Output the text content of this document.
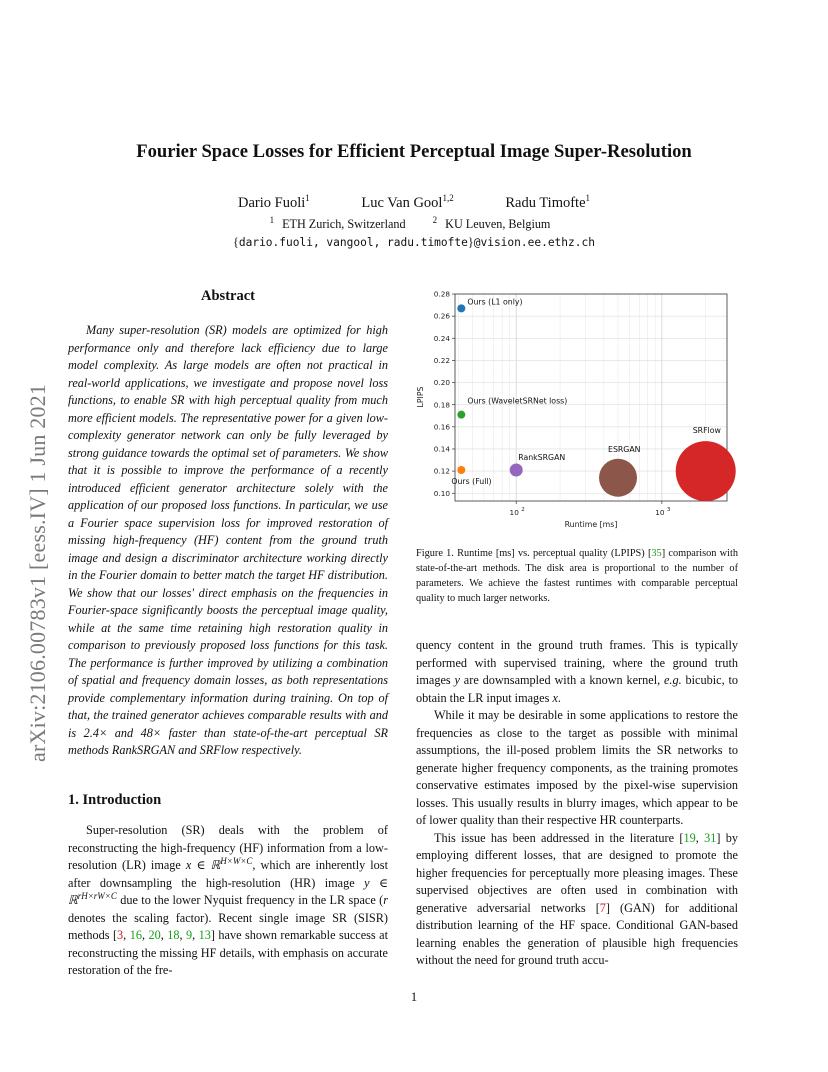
arXiv:2106.00783v1 [eess.IV] 1 Jun 2021
Fourier Space Losses for Efficient Perceptual Image Super-Resolution
Dario Fuoli$^1$	Luc Van Gool$^{1,2}$	Radu Timofte$^1$
$^1$ ETH Zurich, Switzerland	$^2$ KU Leuven, Belgium
{dario.fuoli, vangool, radu.timofte}@vision.ee.ethz.ch
Abstract

Many super-resolution (SR) models are optimized for high performance only and therefore lack efficiency due to large model complexity. As large models are often not practical in real-world applications, we investigate and propose novel loss functions, to enable SR with high perceptual quality from much more efficient models. The representative power for a given low-complexity generator network can only be fully leveraged by strong guidance towards the optimal set of parameters. We show that it is possible to improve the performance of a recently introduced efficient generator architecture solely with the application of our proposed loss functions. In particular, we use a Fourier space supervision loss for improved restoration of missing high-frequency (HF) content from the ground truth image and design a discriminator architecture working directly in the Fourier domain to better match the target HF distribution. We show that our losses' direct emphasis on the frequencies in Fourier-space significantly boosts the perceptual image quality, while at the same time retaining high restoration quality in comparison to previously proposed loss functions for this task. The performance is further improved by utilizing a combination of spatial and frequency domain losses, as both representations provide complementary information during training. On top of that, the trained generator achieves comparable results with and is 2.4× and 48× faster than state-of-the-art perceptual SR methods RankSRGAN and SRFlow respectively.

1. Introduction

Super-resolution (SR) deals with the problem of reconstructing the high-frequency (HF) information from a low-resolution (LR) image x ∈ ℝ$^{H\times W\times C}$, which are inherently lost after downsampling the high-resolution (HR) image y ∈ ℝ$^{rH\times rW\times C}$ due to the lower Nyquist frequency in the LR space (r denotes the scaling factor). Recent single image SR (SISR) methods [3, 16, 20, 18, 9, 13] have shown remarkable success at reconstructing the missing HF details, with emphasis on accurate restoration of the fre-

10 2	10 3
0.10
0.12
0.14
0.16
0.18
0.20
0.22
0.24
0.26
0.28
Ours (L1 only)
Ours (WaveletSRNet loss)
Ours (Full)
RankSRGAN
ESRGAN
SRFlow
Runtime [ms]
LPIPS
Figure 1. Runtime [ms] vs. perceptual quality (LPIPS) [35] comparison with state-of-the-art methods. The disk area is proportional to the number of parameters. We achieve the fastest runtimes with comparable perceptual quality to much larger networks.

quency content in the ground truth frames. This is typically performed with supervised training, where the ground truth images y are downsampled with a known kernel, e.g. bicubic, to obtain the LR input images x.

While it may be desirable in some applications to restore the frequencies as close to the target as possible with minimal assumptions, the ill-posed problem limits the SR networks to generate higher frequency components, as the training promotes conservative estimates imposed by the pixel-wise supervision losses. This usually results in blurry images, which appear to be of lower quality than their respective HR counterparts.

This issue has been addressed in the literature [19, 31] by employing different losses, that are designed to promote the higher frequencies for perceptually more pleasing images. These supervised objectives are often used in combination with generative adversarial networks [7] (GAN) for additional distribution learning of the HF space. Conditional GAN-based learning enables the generation of plausible high frequencies without the need for ground truth accu-

1
